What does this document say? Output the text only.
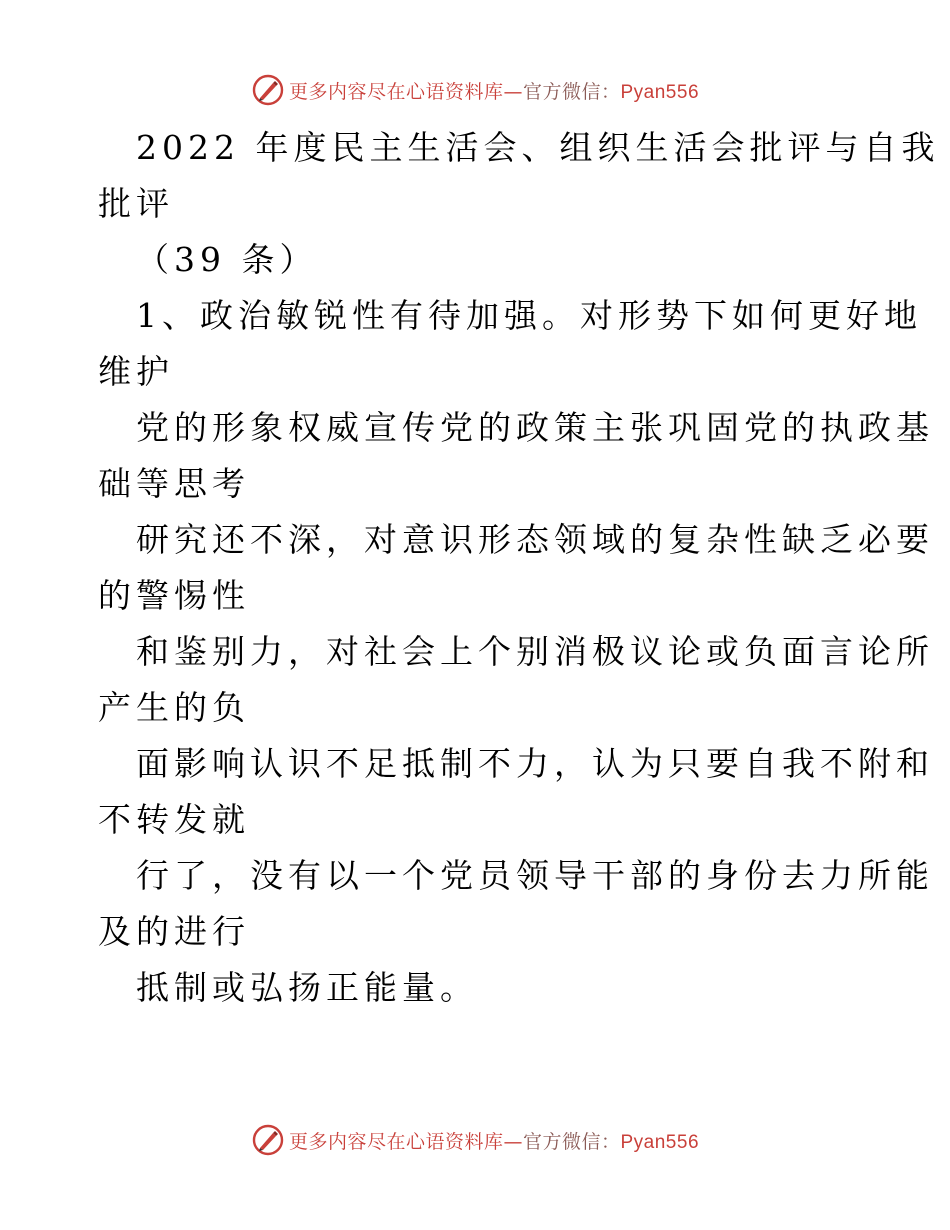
更多内容尽在心语资料库—官方微信：Pyan556

2022 年度民主生活会、组织生活会批评与自我

批评

（39 条）

1、政治敏锐性有待加强。对形势下如何更好地

维护

党的形象权威宣传党的政策主张巩固党的执政基

础等思考

研究还不深，对意识形态领域的复杂性缺乏必要

的警惕性

和鉴别力，对社会上个别消极议论或负面言论所

产生的负

面影响认识不足抵制不力，认为只要自我不附和

不转发就

行了，没有以一个党员领导干部的身份去力所能

及的进行

抵制或弘扬正能量。

更多内容尽在心语资料库—官方微信：Pyan556
